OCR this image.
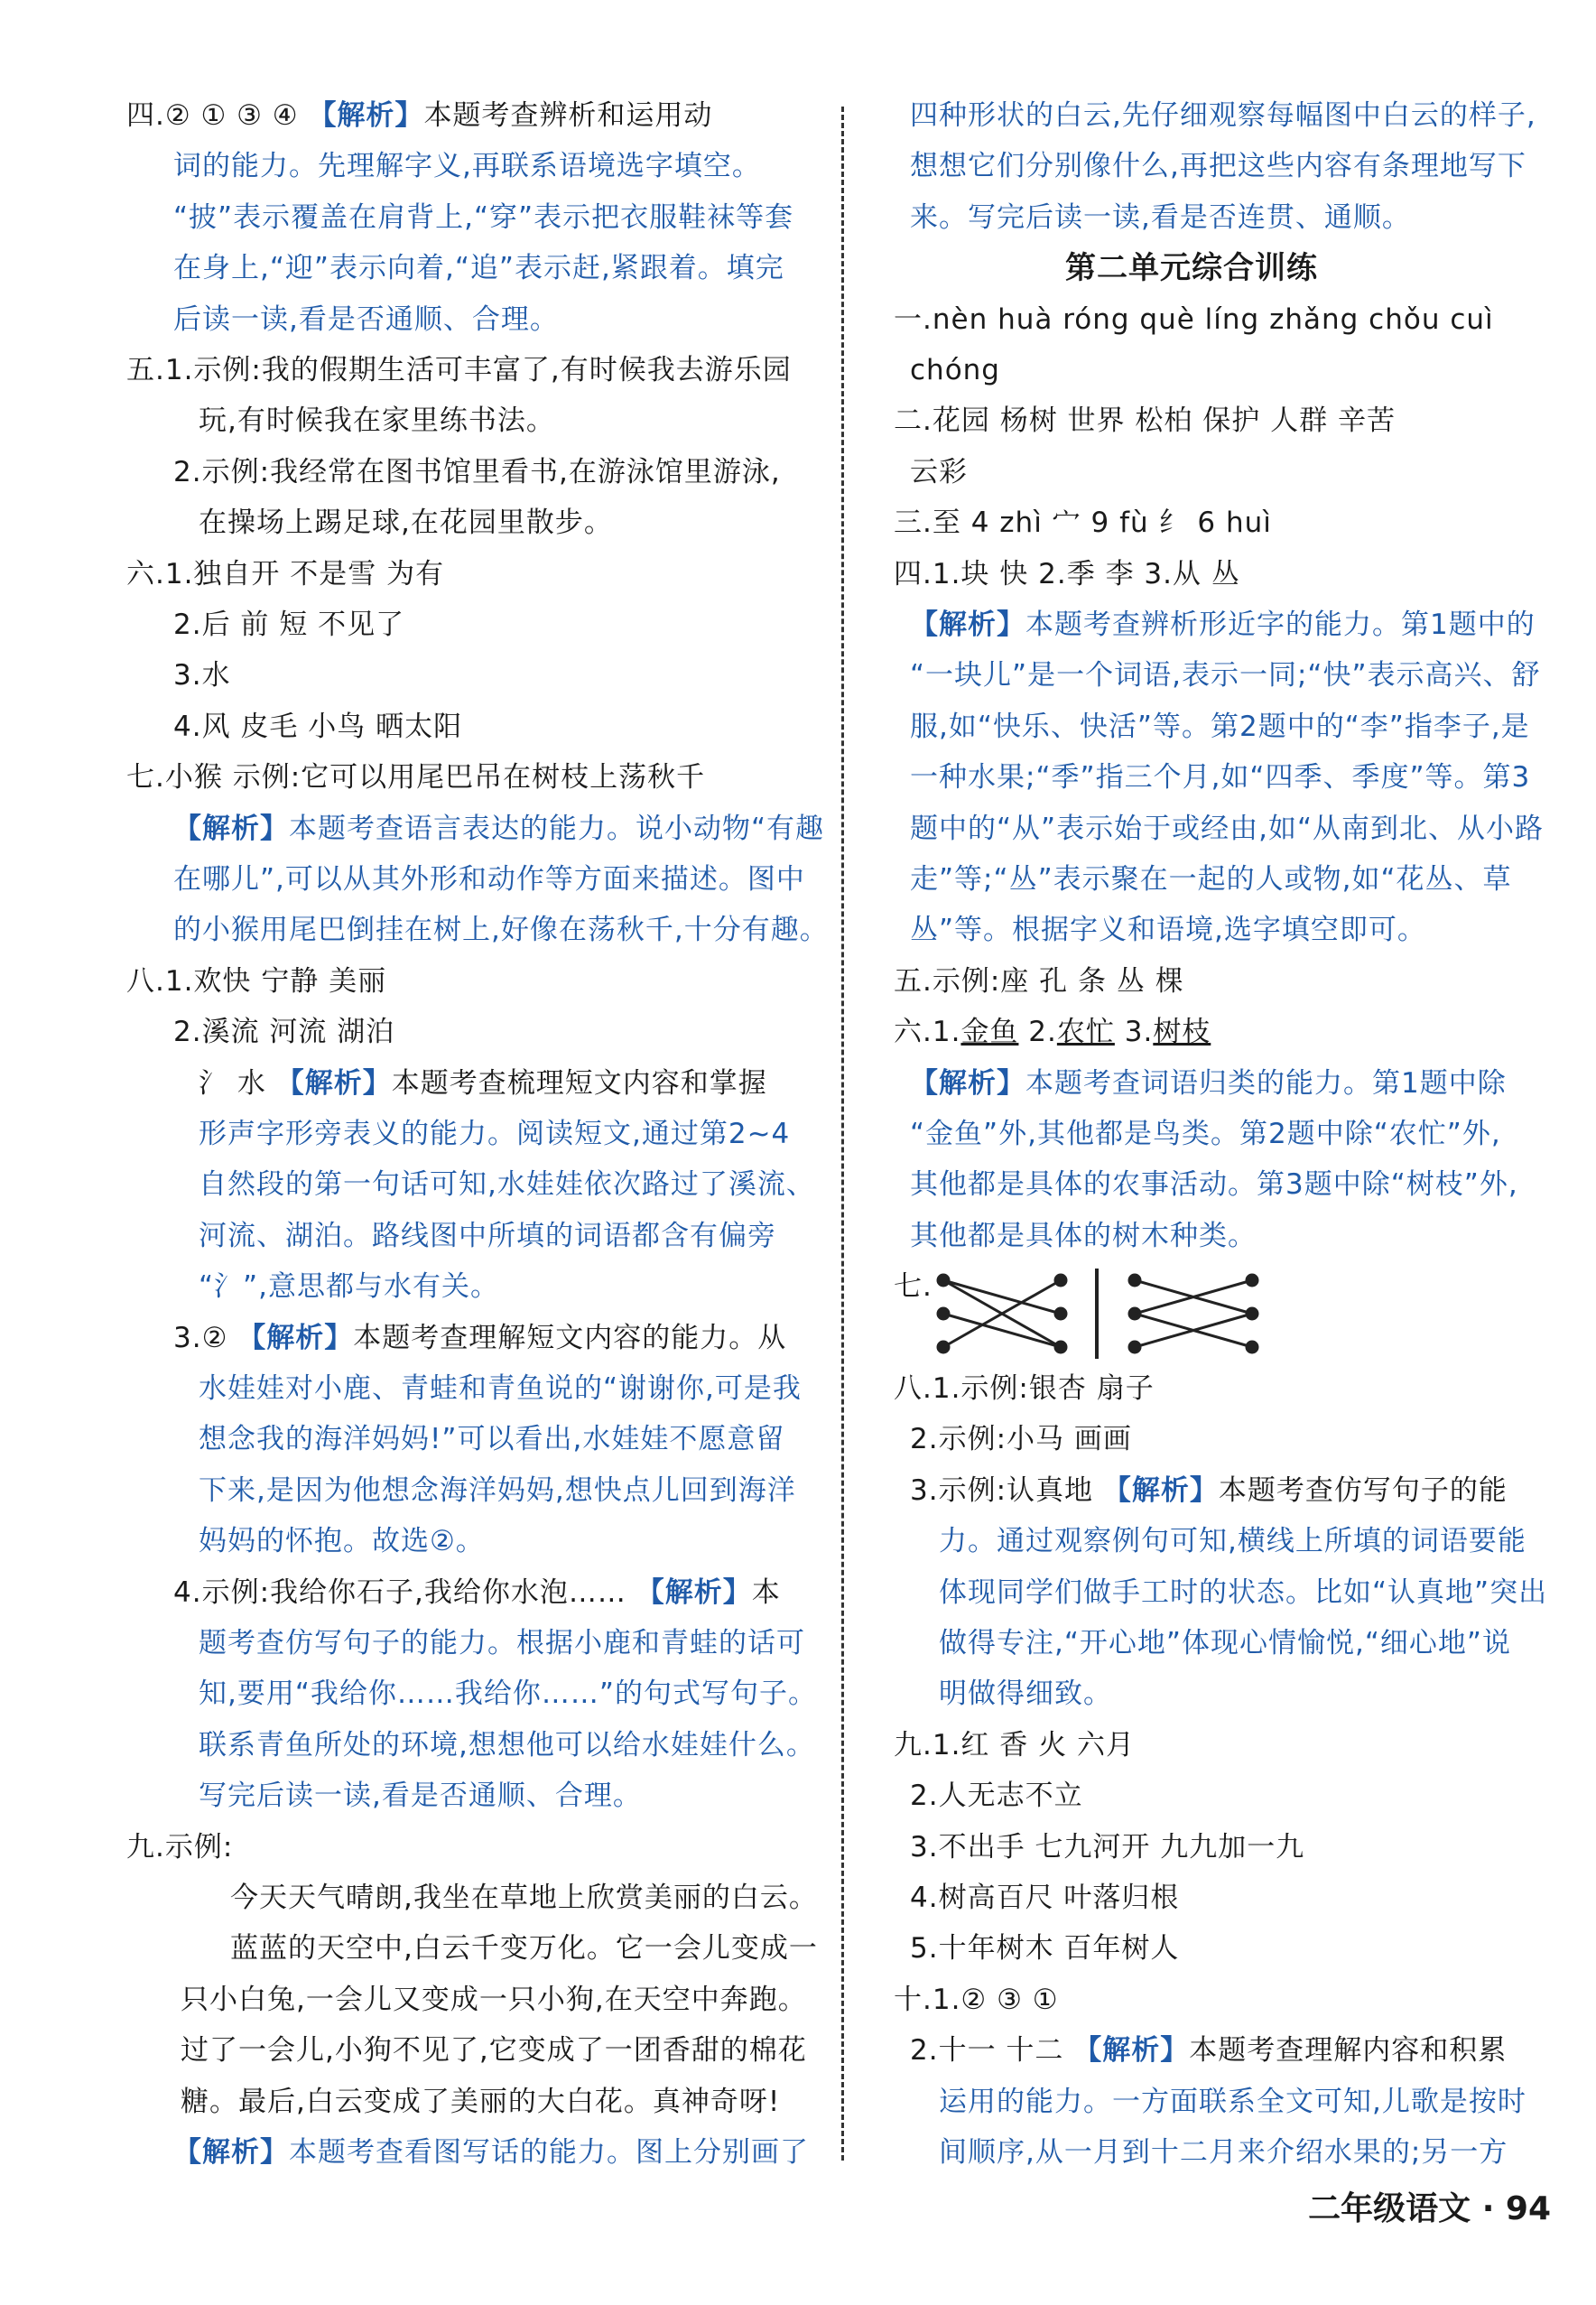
四.② ① ③ ④ 【解析】本题考查辨析和运用动
词的能力。先理解字义,再联系语境选字填空。
“披”表示覆盖在肩背上,“穿”表示把衣服鞋袜等套
在身上,“迎”表示向着,“追”表示赶,紧跟着。填完
后读一读,看是否通顺、合理。
五.1.示例:我的假期生活可丰富了,有时候我去游乐园
玩,有时候我在家里练书法。
2.示例:我经常在图书馆里看书,在游泳馆里游泳,
在操场上踢足球,在花园里散步。
六.1.独自开 不是雪 为有
2.后 前 短 不见了
3.水
4.风 皮毛 小鸟 晒太阳
七.小猴 示例:它可以用尾巴吊在树枝上荡秋千
【解析】本题考查语言表达的能力。说小动物“有趣
在哪儿”,可以从其外形和动作等方面来描述。图中
的小猴用尾巴倒挂在树上,好像在荡秋千,十分有趣。
八.1.欢快 宁静 美丽
2.溪流 河流 湖泊
氵 水 【解析】本题考查梳理短文内容和掌握
形声字形旁表义的能力。阅读短文,通过第2~4
自然段的第一句话可知,水娃娃依次路过了溪流、
河流、湖泊。路线图中所填的词语都含有偏旁
“氵”,意思都与水有关。
3.② 【解析】本题考查理解短文内容的能力。从
水娃娃对小鹿、青蛙和青鱼说的“谢谢你,可是我
想念我的海洋妈妈!”可以看出,水娃娃不愿意留
下来,是因为他想念海洋妈妈,想快点儿回到海洋
妈妈的怀抱。故选②。
4.示例:我给你石子,我给你水泡…… 【解析】本
题考查仿写句子的能力。根据小鹿和青蛙的话可
知,要用“我给你……我给你……”的句式写句子。
联系青鱼所处的环境,想想他可以给水娃娃什么。
写完后读一读,看是否通顺、合理。
九.示例:
今天天气晴朗,我坐在草地上欣赏美丽的白云。
蓝蓝的天空中,白云千变万化。它一会儿变成一
只小白兔,一会儿又变成一只小狗,在天空中奔跑。
过了一会儿,小狗不见了,它变成了一团香甜的棉花
糖。最后,白云变成了美丽的大白花。真神奇呀!
【解析】本题考查看图写话的能力。图上分别画了
四种形状的白云,先仔细观察每幅图中白云的样子,
想想它们分别像什么,再把这些内容有条理地写下
来。写完后读一读,看是否连贯、通顺。
第二单元综合训练
一.nèn huà róng què líng zhǎng chǒu cuì
chóng
二.花园 杨树 世界 松柏 保护 人群 辛苦
云彩
三.至 4 zhì 宀 9 fù 纟 6 huì
四.1.块 快 2.季 李 3.从 丛
【解析】本题考查辨析形近字的能力。第1题中的
“一块儿”是一个词语,表示一同;“快”表示高兴、舒
服,如“快乐、快活”等。第2题中的“李”指李子,是
一种水果;“季”指三个月,如“四季、季度”等。第3
题中的“从”表示始于或经由,如“从南到北、从小路
走”等;“丛”表示聚在一起的人或物,如“花丛、草
丛”等。根据字义和语境,选字填空即可。
五.示例:座 孔 条 丛 棵
六.1.金鱼 2.农忙 3.树枝
【解析】本题考查词语归类的能力。第1题中除
“金鱼”外,其他都是鸟类。第2题中除“农忙”外,
其他都是具体的农事活动。第3题中除“树枝”外,
其他都是具体的树木种类。
七.
八.1.示例:银杏 扇子
2.示例:小马 画画
3.示例:认真地 【解析】本题考查仿写句子的能
力。通过观察例句可知,横线上所填的词语要能
体现同学们做手工时的状态。比如“认真地”突出
做得专注,“开心地”体现心情愉悦,“细心地”说
明做得细致。
九.1.红 香 火 六月
2.人无志不立
3.不出手 七九河开 九九加一九
4.树高百尺 叶落归根
5.十年树木 百年树人
十.1.② ③ ①
2.十一 十二 【解析】本题考查理解内容和积累
运用的能力。一方面联系全文可知,儿歌是按时
间顺序,从一月到十二月来介绍水果的;另一方
二年级语文 · 94
